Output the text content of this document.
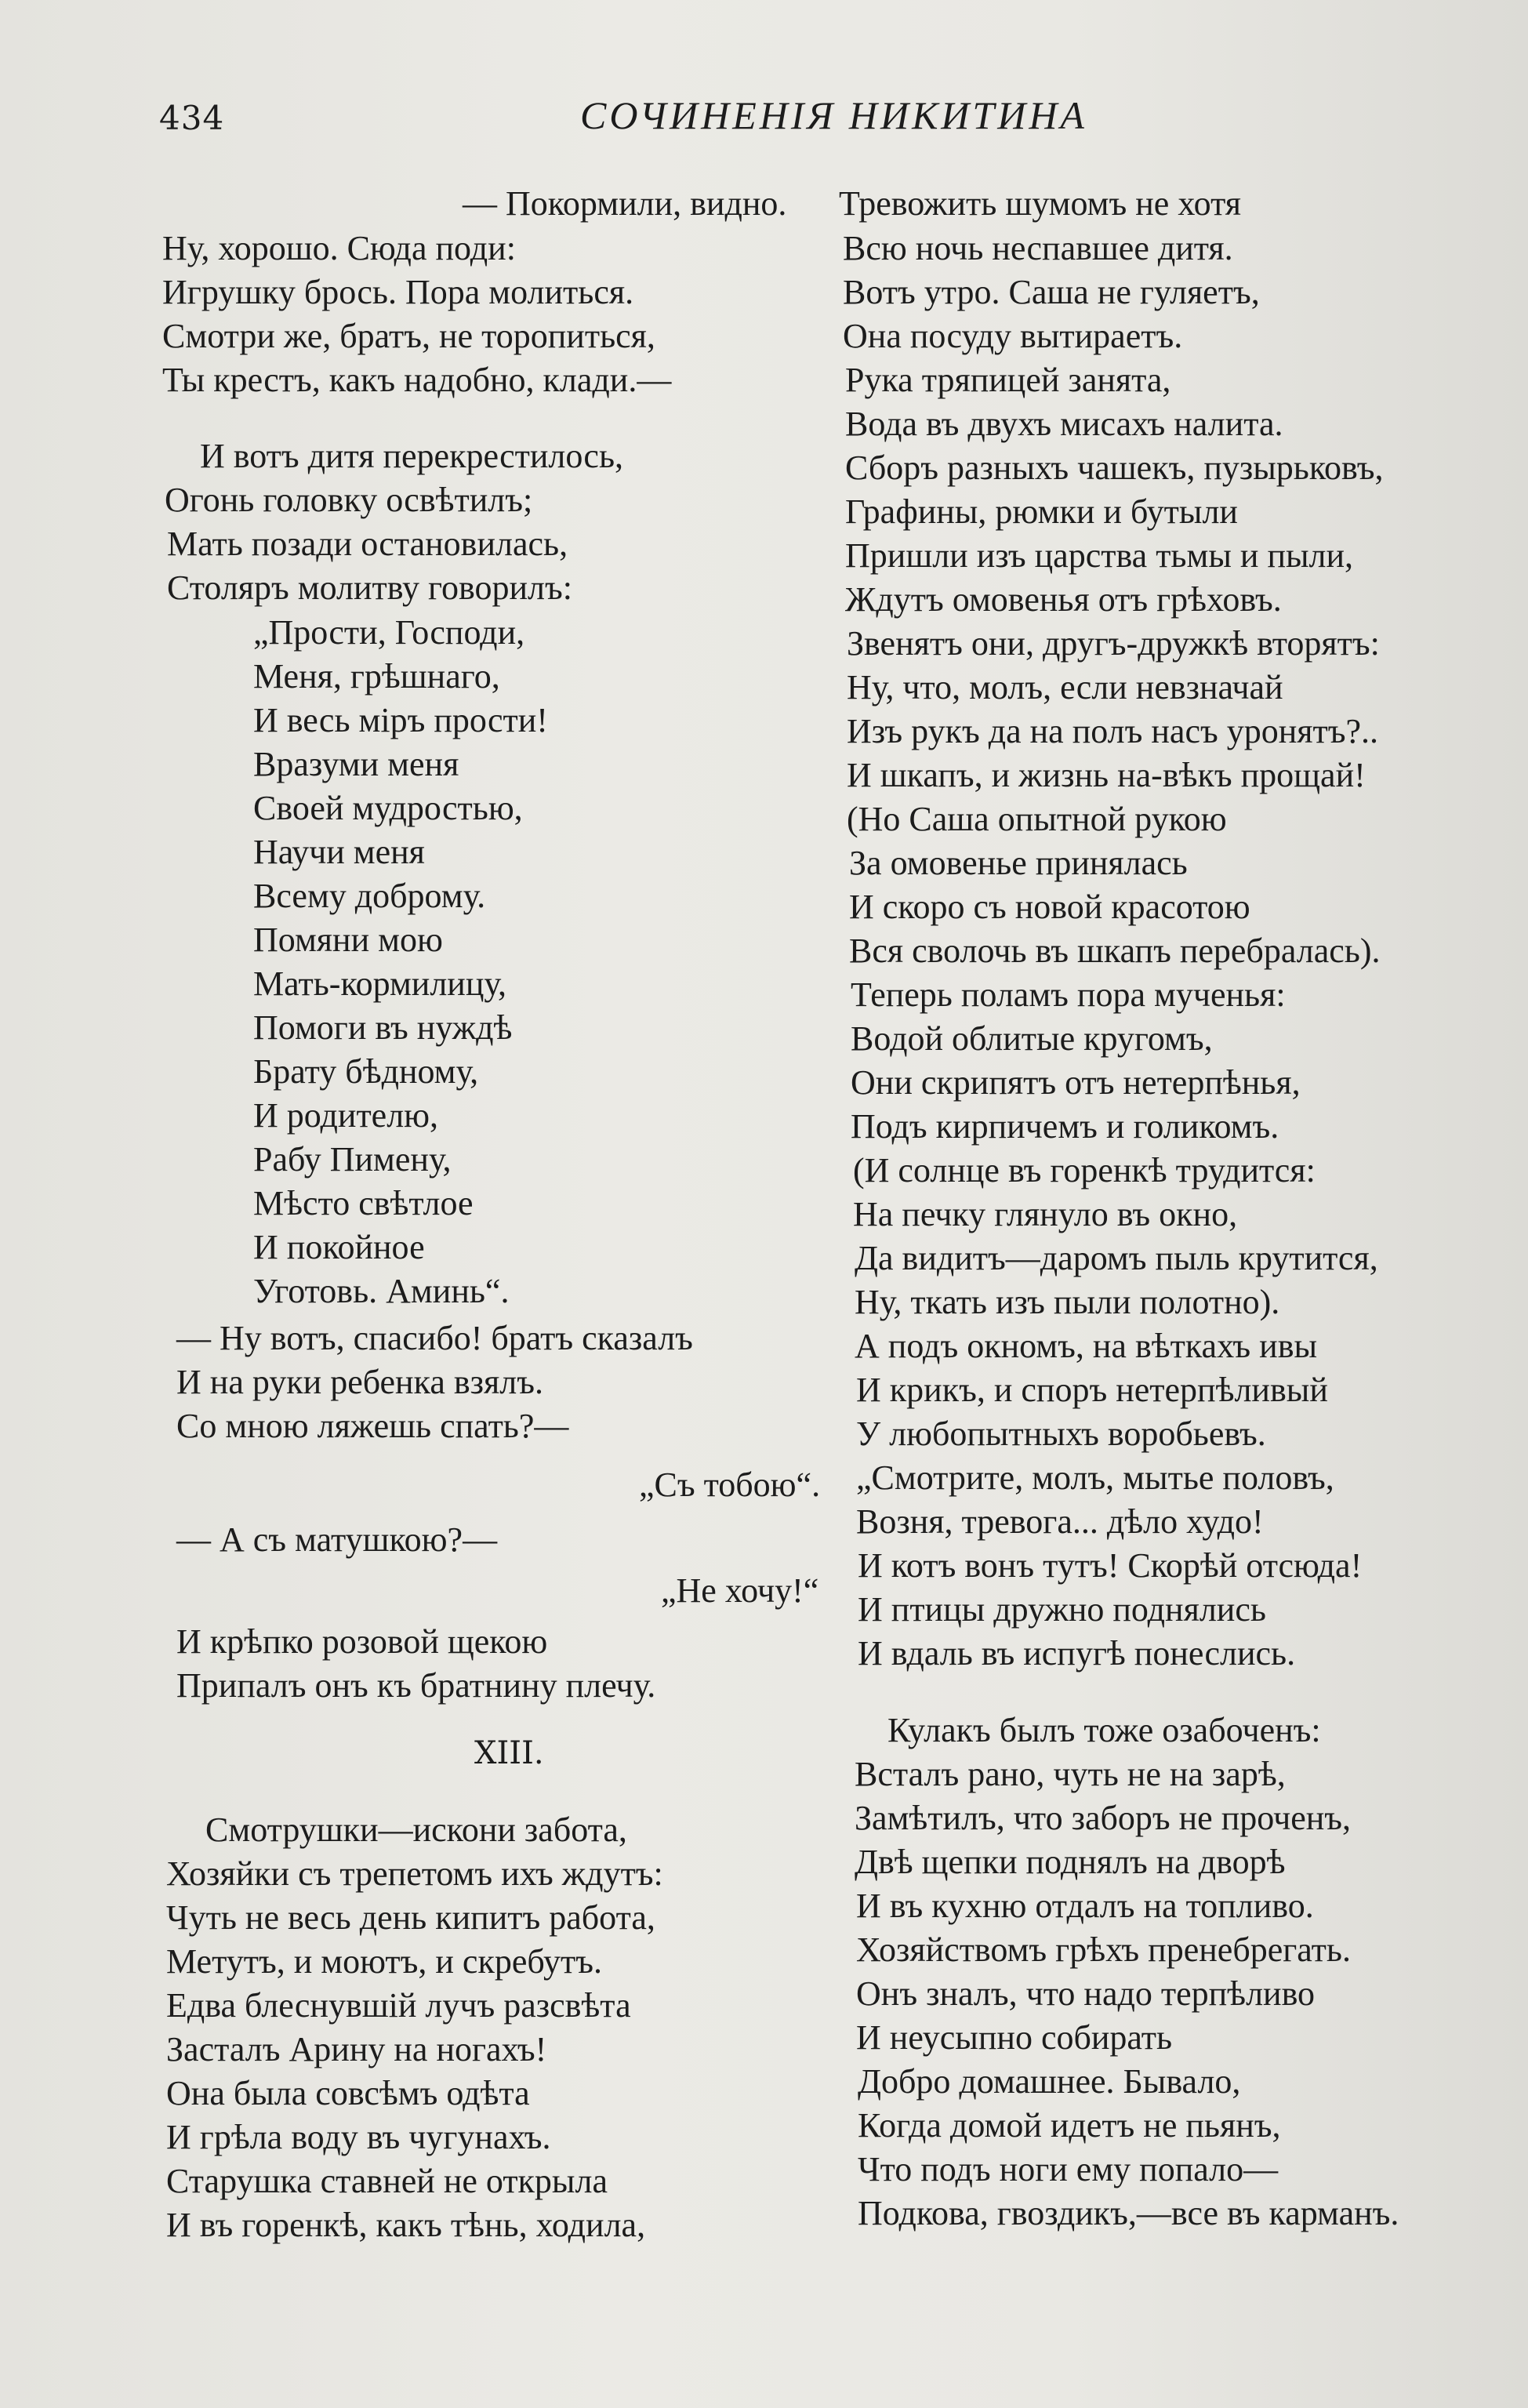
434	СОЧИНЕНІЯ НИКИТИНА
— Покормили, видно.
Ну, хорошо. Сюда поди:
Игрушку брось. Пора молиться.
Смотри же, братъ, не торопиться,
Ты крестъ, какъ надобно, клади.—
И вотъ дитя перекрестилось,
Огонь головку освѣтилъ;
Мать позади остановилась,
Столяръ молитву говорилъ:
„Прости, Господи,
Меня, грѣшнаго,
И весь міръ прости!
Вразуми меня
Своей мудростью,
Научи меня
Всему доброму.
Помяни мою
Мать-кормилицу,
Помоги въ нуждѣ
Брату бѣдному,
И родителю,
Рабу Пимену,
Мѣсто свѣтлое
И покойное
Уготовь. Аминь“.
— Ну вотъ, спасибо! братъ сказалъ
И на руки ребенка взялъ.
Со мною ляжешь спать?—
„Съ тобою“.
— А съ матушкою?—
„Не хочу!“
И крѣпко розовой щекою
Припалъ онъ къ братнину плечу.
XIII.
Смотрушки—искони забота,
Хозяйки съ трепетомъ ихъ ждутъ:
Чуть не весь день кипитъ работа,
Метутъ, и моютъ, и скребутъ.
Едва блеснувшій лучъ разсвѣта
Засталъ Арину на ногахъ!
Она была совсѣмъ одѣта
И грѣла воду въ чугунахъ.
Старушка ставней не открыла
И въ горенкѣ, какъ тѣнь, ходила,
Тревожить шумомъ не хотя
Всю ночь неспавшее дитя.
Вотъ утро. Саша не гуляетъ,
Она посуду вытираетъ.
Рука тряпицей занята,
Вода въ двухъ мисахъ налита.
Сборъ разныхъ чашекъ, пузырьковъ,
Графины, рюмки и бутыли
Пришли изъ царства тьмы и пыли,
Ждутъ омовенья отъ грѣховъ.
Звенятъ они, другъ-дружкѣ вторятъ:
Ну, что, молъ, если невзначай
Изъ рукъ да на полъ насъ уронятъ?..
И шкапъ, и жизнь на-вѣкъ прощай!
(Но Саша опытной рукою
За омовенье принялась
И скоро съ новой красотою
Вся сволочь въ шкапъ перебралась).
Теперь поламъ пора мученья:
Водой облитые кругомъ,
Они скрипятъ отъ нетерпѣнья,
Подъ кирпичемъ и голикомъ.
(И солнце въ горенкѣ трудится:
На печку глянуло въ окно,
Да видитъ—даромъ пыль крутится,
Ну, ткать изъ пыли полотно).
А подъ окномъ, на вѣткахъ ивы
И крикъ, и споръ нетерпѣливый
У любопытныхъ воробьевъ.
„Смотрите, молъ, мытье половъ,
Возня, тревога... дѣло худо!
И котъ вонъ тутъ! Скорѣй отсюда!
И птицы дружно поднялись
И вдаль въ испугѣ понеслись.
Кулакъ былъ тоже озабоченъ:
Всталъ рано, чуть не на зарѣ,
Замѣтилъ, что заборъ не проченъ,
Двѣ щепки поднялъ на дворѣ
И въ кухню отдалъ на топливо.
Хозяйствомъ грѣхъ пренебрегать.
Онъ зналъ, что надо терпѣливо
И неусыпно собирать
Добро домашнее. Бывало,
Когда домой идетъ не пьянъ,
Что подъ ноги ему попало—
Подкова, гвоздикъ,—все въ карманъ.
